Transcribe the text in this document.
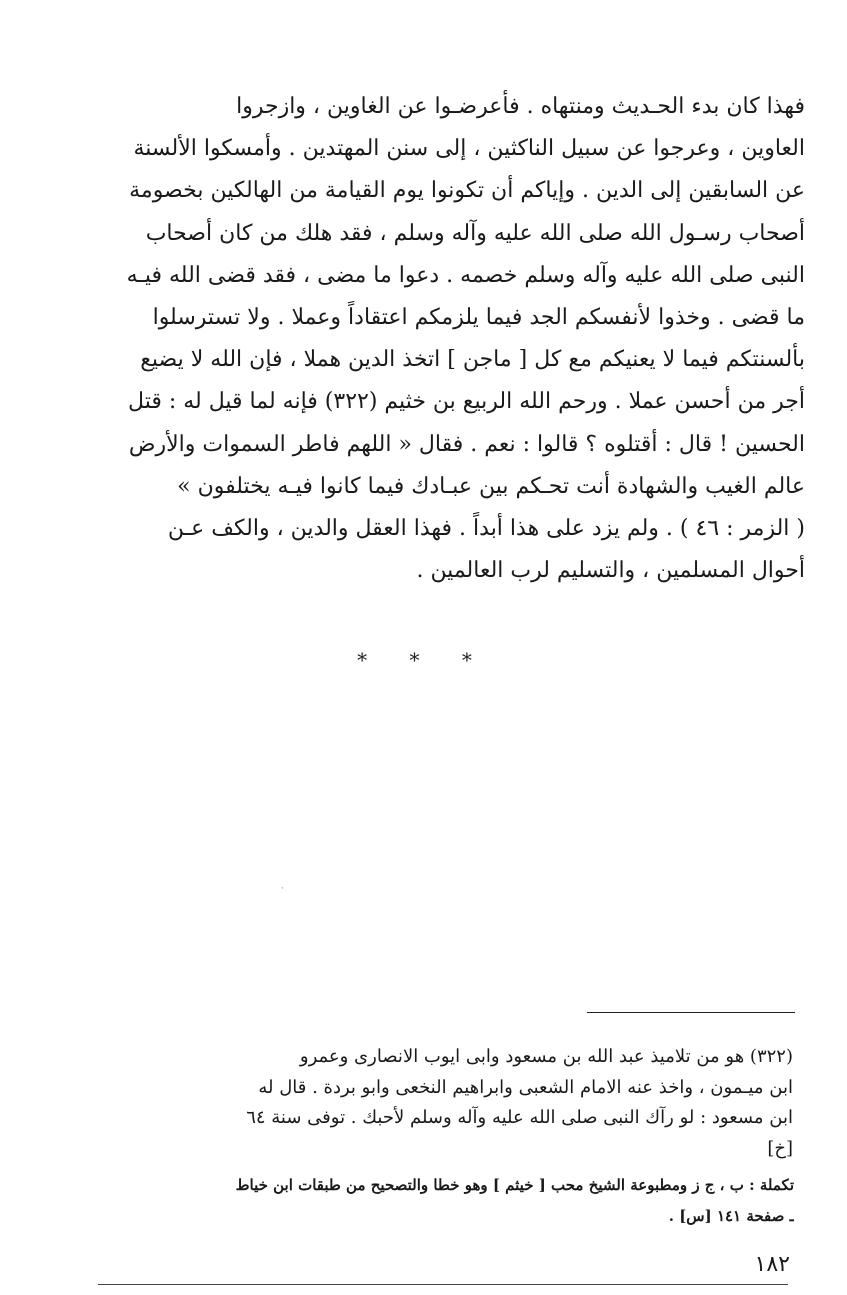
فهذا كان بدء الحـديث ومنتهاه . فأعرضـوا عن الغاوين ، وازجروا
العاوين ، وعرجوا عن سبيل الناكثين ، إلى سنن المهتدين . وأمسكوا الألسنة
عن السابقين إلى الدين . وإياكم أن تكونوا يوم القيامة من الهالكين بخصومة
أصحاب رسـول الله صلى الله عليه وآله وسلم ، فقد هلك من كان أصحاب
النبى صلى الله عليه وآله وسلم خصمه . دعوا ما مضى ، فقد قضى الله فيـه
ما قضى . وخذوا لأنفسكم الجد فيما يلزمكم اعتقاداً وعملا . ولا تسترسلوا
بألسنتكم فيما لا يعنيكم مع كل [ ماجن ] اتخذ الدين هملا ، فإن الله لا يضيع
أجر من أحسن عملا . ورحم الله الربيع بن خثيم (٣٢٢) فإنه لما قيل له : قتل
الحسين ! قال : أقتلوه ؟ قالوا : نعم . فقال « اللهم فاطر السموات والأرض
عالم الغيب والشهادة أنت تحـكم بين عبـادك فيما كانوا فيـه يختلفون »
( الزمر : ٤٦ ) . ولم يزد على هذا أبداً . فهذا العقل والدين ، والكف عـن
أحوال المسلمين ، والتسليم لرب العالمين .
* * *
·
(٣٢٢) هو من تلاميذ عبد الله بن مسعود وابى ايوب الانصارى وعمرو
ابن ميـمون ، واخذ عنه الامام الشعبى وابراهيم النخعى وابو بردة . قال له
ابن مسعود : لو رآك النبى صلى الله عليه وآله وسلم لأحبك . توفى سنة ٦٤
[خ]
تكملة : ب ، ج ز ومطبوعة الشيخ محب [ خيثم ] وهو خطا والتصحيح من طبقات ابن خياط
ـ صفحة ١٤١ [س] .
١٨٢
